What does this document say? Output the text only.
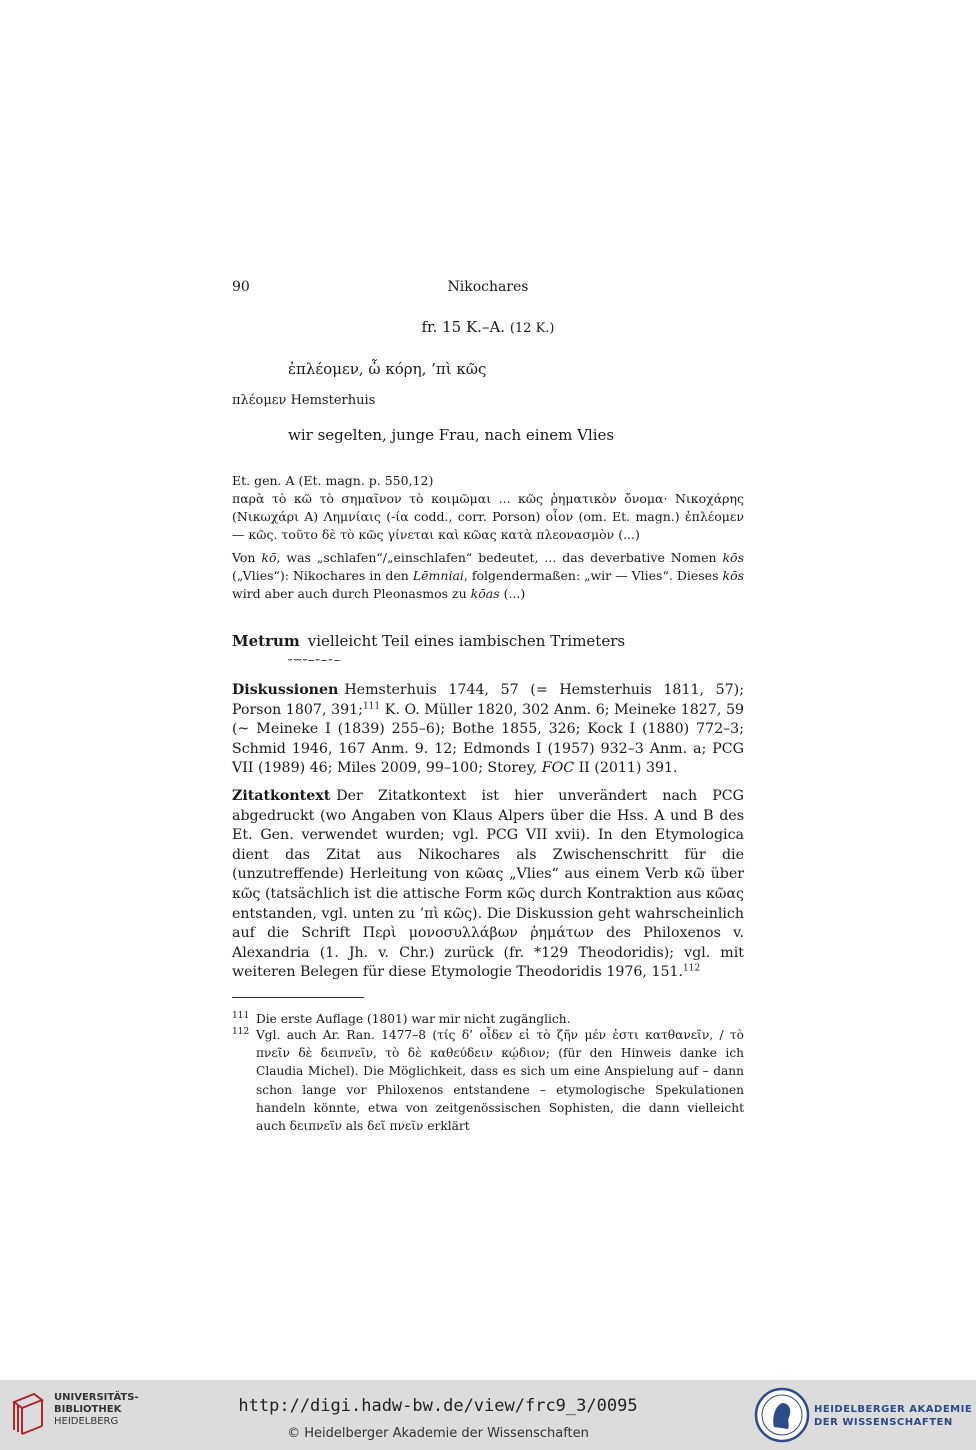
90	Nikochares
fr. 15 K.–A. (12 K.)
ἐπλέομεν, ὦ κόρη, ’πὶ κῶς
πλέομεν Hemsterhuis
wir segelten, junge Frau, nach einem Vlies
Et. gen. A (Et. magn. p. 550,12)
παρὰ τὸ κῶ τὸ σημαῖνον τὸ κοιμῶμαι ... κῶς ῥηματικὸν ὄνομα· Νικοχάρης (Νικωχάρι A) Λημνίαις (-ία codd., corr. Porson) οἷον (om. Et. magn.) ἐπλέομεν — κῶς. τοῦτο δὲ τὸ κῶς γίνεται καὶ κῶας κατὰ πλεονασμὸν (...)
Von kō, was „schlafen“/„einschlafen“ bedeutet, ... das deverbative Nomen kōs („Vlies“): Nikochares in den Lēmniai, folgendermaßen: „wir — Vlies“. Dieses kōs wird aber auch durch Pleonasmos zu kōas (...)
Metrum vielleicht Teil eines iambischen Trimeters
⏑⏖⏑–⏑–⏑–
Diskussionen Hemsterhuis 1744, 57 (= Hemsterhuis 1811, 57); Porson 1807, 391;$^{111}$ K. O. Müller 1820, 302 Anm. 6; Meineke 1827, 59 (~ Meineke I (1839) 255–6); Bothe 1855, 326; Kock I (1880) 772–3; Schmid 1946, 167 Anm. 9. 12; Edmonds I (1957) 932–3 Anm. a; PCG VII (1989) 46; Miles 2009, 99–100; Storey, FOC II (2011) 391.
Zitatkontext Der Zitatkontext ist hier unverändert nach PCG abgedruckt (wo Angaben von Klaus Alpers über die Hss. A und B des Et. Gen. verwendet wurden; vgl. PCG VII xvii). In den Etymologica dient das Zitat aus Nikochares als Zwischenschritt für die (unzutreffende) Herleitung von κῶας „Vlies“ aus einem Verb κῶ über κῶς (tatsächlich ist die attische Form κῶς durch Kontraktion aus κῶας entstanden, vgl. unten zu ’πὶ κῶς). Die Diskussion geht wahrscheinlich auf die Schrift Περὶ μονοσυλλάβων ῥημάτων des Philoxenos v. Alexandria (1. Jh. v. Chr.) zurück (fr. *129 Theodoridis); vgl. mit weiteren Belegen für diese Etymologie Theodoridis 1976, 151.$^{112}$
111 Die erste Auflage (1801) war mir nicht zugänglich.
112 Vgl. auch Ar. Ran. 1477–8 (τίς δ’ οἶδεν εἰ τὸ ζῆν μέν ἐστι κατθανεῖν, / τὸ πνεῖν δὲ δειπνεῖν, τὸ δὲ καθεύδειν κῴδιον; (für den Hinweis danke ich Claudia Michel). Die Möglichkeit, dass es sich um eine Anspielung auf – dann schon lange vor Philoxenos entstandene – etymologische Spekulationen handeln könnte, etwa von zeitgenössischen Sophisten, die dann vielleicht auch δειπνεῖν als δεῖ πνεῖν erklärt
UNIVERSITÄTS-
BIBLIOTHEK
HEIDELBERG
http://digi.hadw-bw.de/view/frc9_3/0095
© Heidelberger Akademie der Wissenschaften
HEIDELBERGER AKADEMIE
DER WISSENSCHAFTEN
